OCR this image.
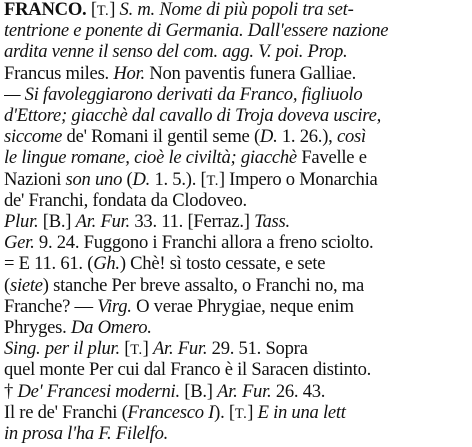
FRANCO. [T.] S. m. Nome di più popoli tra set-
tentrione e ponente di Germania. Dall'essere nazione
ardita venne il senso del com. agg. V. poi. Prop.
Francus miles. Hor. Non paventis funera Galliae.
— Si favoleggiarono derivati da Franco, figliuolo
d'Ettore; giacchè dal cavallo di Troja doveva uscire,
siccome de' Romani il gentil seme (D. 1. 26.), così
le lingue romane, cioè le civiltà; giacchè Favelle e
Nazioni son uno (D. 1. 5.). [T.] Impero o Monarchia
de' Franchi, fondata da Clodoveo.
Plur. [B.] Ar. Fur. 33. 11. [Ferraz.] Tass.
Ger. 9. 24. Fuggono i Franchi allora a freno sciolto.
= E 11. 61. (Gh.) Chè! sì tosto cessate, e sete
(siete) stanche Per breve assalto, o Franchi no, ma
Franche? — Virg. O verae Phrygiae, neque enim
Phryges. Da Omero.
Sing. per il plur. [T.] Ar. Fur. 29. 51. Sopra
quel monte Per cui dal Franco è il Saracen distinto.
† De' Francesi moderni. [B.] Ar. Fur. 26. 43.
Il re de' Franchi (Francesco I). [T.] E in una lett
in prosa l'ha F. Filelfo.
